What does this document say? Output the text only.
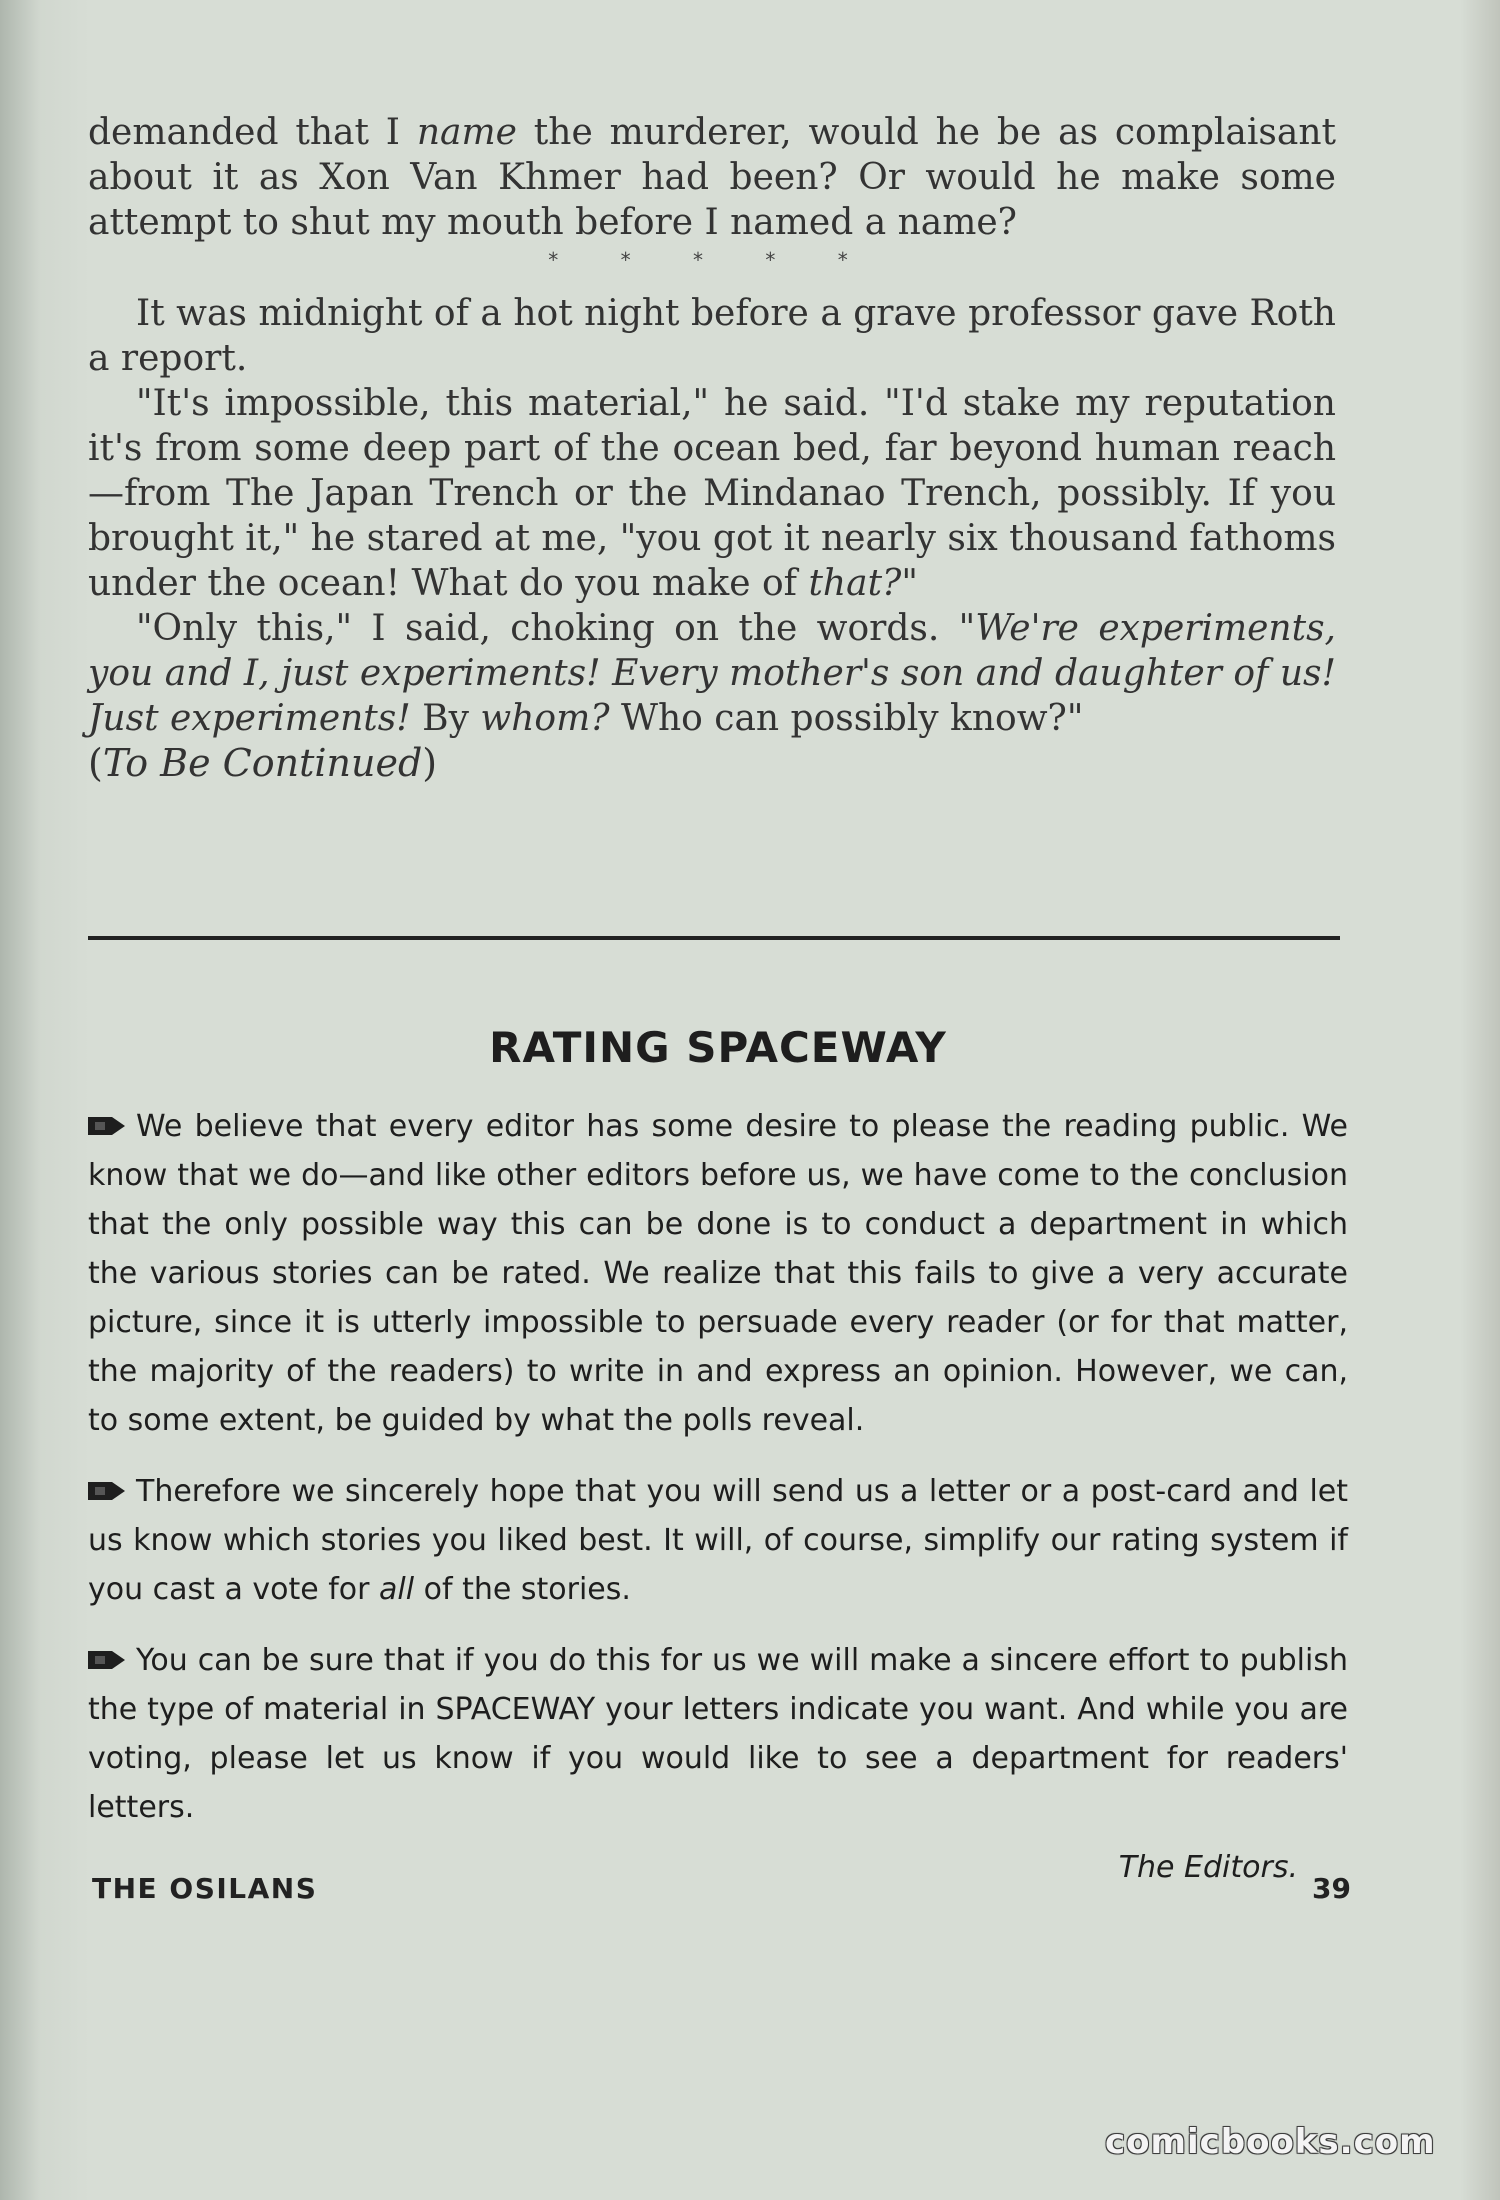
demanded that I name the murderer, would he be as complaisant about it as Xon Van Khmer had been? Or would he make some attempt to shut my mouth before I named a name?

* * * * *

It was midnight of a hot night before a grave professor gave Roth a report.

"It's impossible, this material," he said. "I'd stake my reputation it's from some deep part of the ocean bed, far beyond human reach—from The Japan Trench or the Mindanao Trench, possibly. If you brought it," he stared at me, "you got it nearly six thousand fathoms under the ocean! What do you make of that?"

"Only this," I said, choking on the words. "We're experiments, you and I, just experiments! Every mother's son and daughter of us! Just experiments! By whom? Who can possibly know?"

(To Be Continued)

RATING SPACEWAY

We believe that every editor has some desire to please the reading public. We know that we do—and like other editors before us, we have come to the conclusion that the only possible way this can be done is to conduct a department in which the various stories can be rated. We realize that this fails to give a very accurate picture, since it is utterly impossible to persuade every reader (or for that matter, the majority of the readers) to write in and express an opinion. However, we can, to some extent, be guided by what the polls reveal.

Therefore we sincerely hope that you will send us a letter or a post-card and let us know which stories you liked best. It will, of course, simplify our rating system if you cast a vote for all of the stories.

You can be sure that if you do this for us we will make a sincere effort to publish the type of material in SPACEWAY your letters indicate you want. And while you are voting, please let us know if you would like to see a department for readers' letters.

The Editors.
THE OSILANS	39
comicbooks.com
